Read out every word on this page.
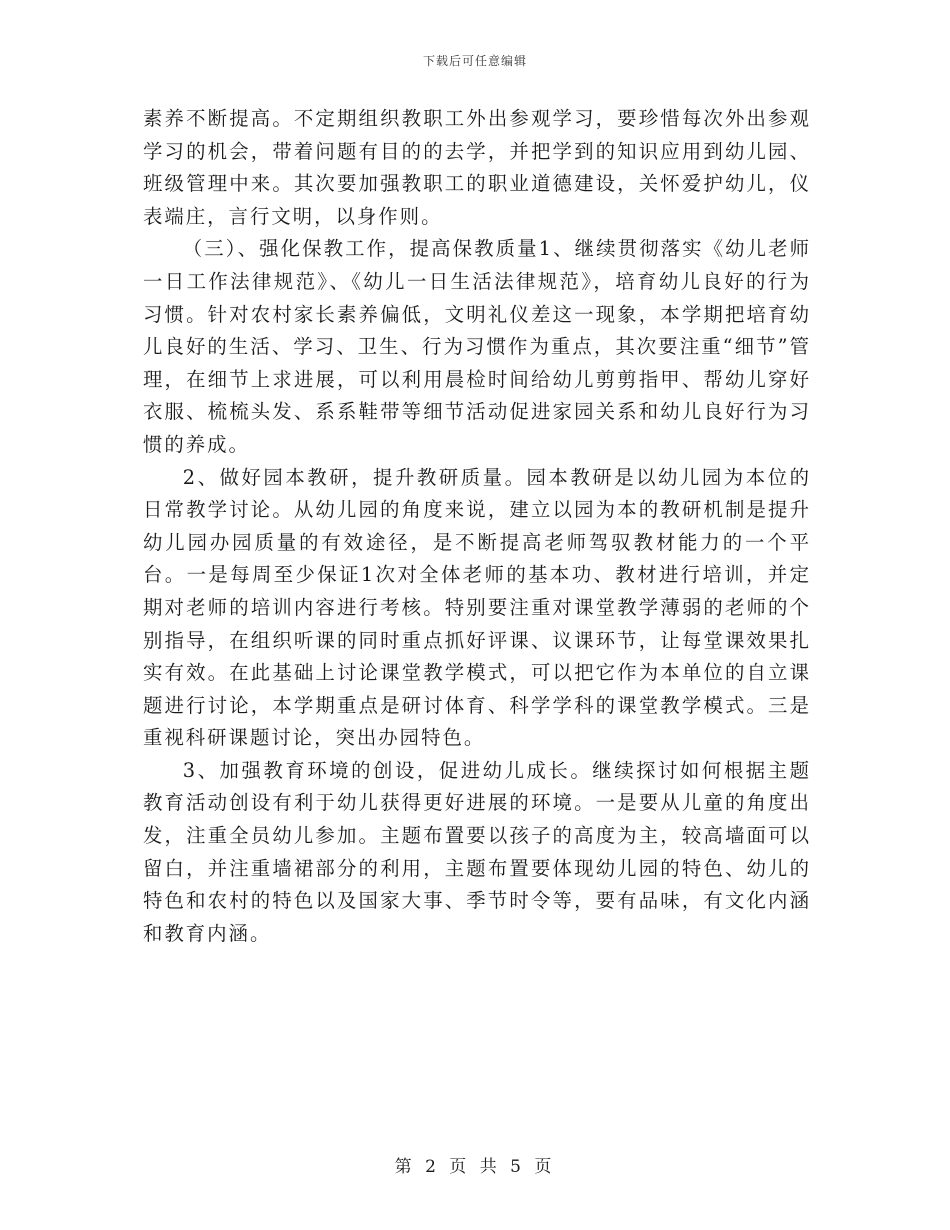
下载后可任意编辑

素养不断提高。不定期组织教职工外出参观学习，要珍惜每次外出参观学习的机会，带着问题有目的的去学，并把学到的知识应用到幼儿园、班级管理中来。其次要加强教职工的职业道德建设，关怀爱护幼儿，仪表端庄，言行文明，以身作则。

（三）、强化保教工作，提高保教质量1、继续贯彻落实《幼儿老师一日工作法律规范》、《幼儿一日生活法律规范》，培育幼儿良好的行为习惯。针对农村家长素养偏低，文明礼仪差这一现象，本学期把培育幼儿良好的生活、学习、卫生、行为习惯作为重点，其次要注重“细节”管理，在细节上求进展，可以利用晨检时间给幼儿剪剪指甲、帮幼儿穿好衣服、梳梳头发、系系鞋带等细节活动促进家园关系和幼儿良好行为习惯的养成。

2、做好园本教研，提升教研质量。园本教研是以幼儿园为本位的日常教学讨论。从幼儿园的角度来说，建立以园为本的教研机制是提升幼儿园办园质量的有效途径，是不断提高老师驾驭教材能力的一个平台。一是每周至少保证1次对全体老师的基本功、教材进行培训，并定期对老师的培训内容进行考核。特别要注重对课堂教学薄弱的老师的个别指导，在组织听课的同时重点抓好评课、议课环节，让每堂课效果扎实有效。在此基础上讨论课堂教学模式，可以把它作为本单位的自立课题进行讨论，本学期重点是研讨体育、科学学科的课堂教学模式。三是重视科研课题讨论，突出办园特色。

3、加强教育环境的创设，促进幼儿成长。继续探讨如何根据主题教育活动创设有利于幼儿获得更好进展的环境。一是要从儿童的角度出发，注重全员幼儿参加。主题布置要以孩子的高度为主，较高墙面可以留白，并注重墙裙部分的利用，主题布置要体现幼儿园的特色、幼儿的特色和农村的特色以及国家大事、季节时令等，要有品味，有文化内涵和教育内涵。

第 2 页 共 5 页
